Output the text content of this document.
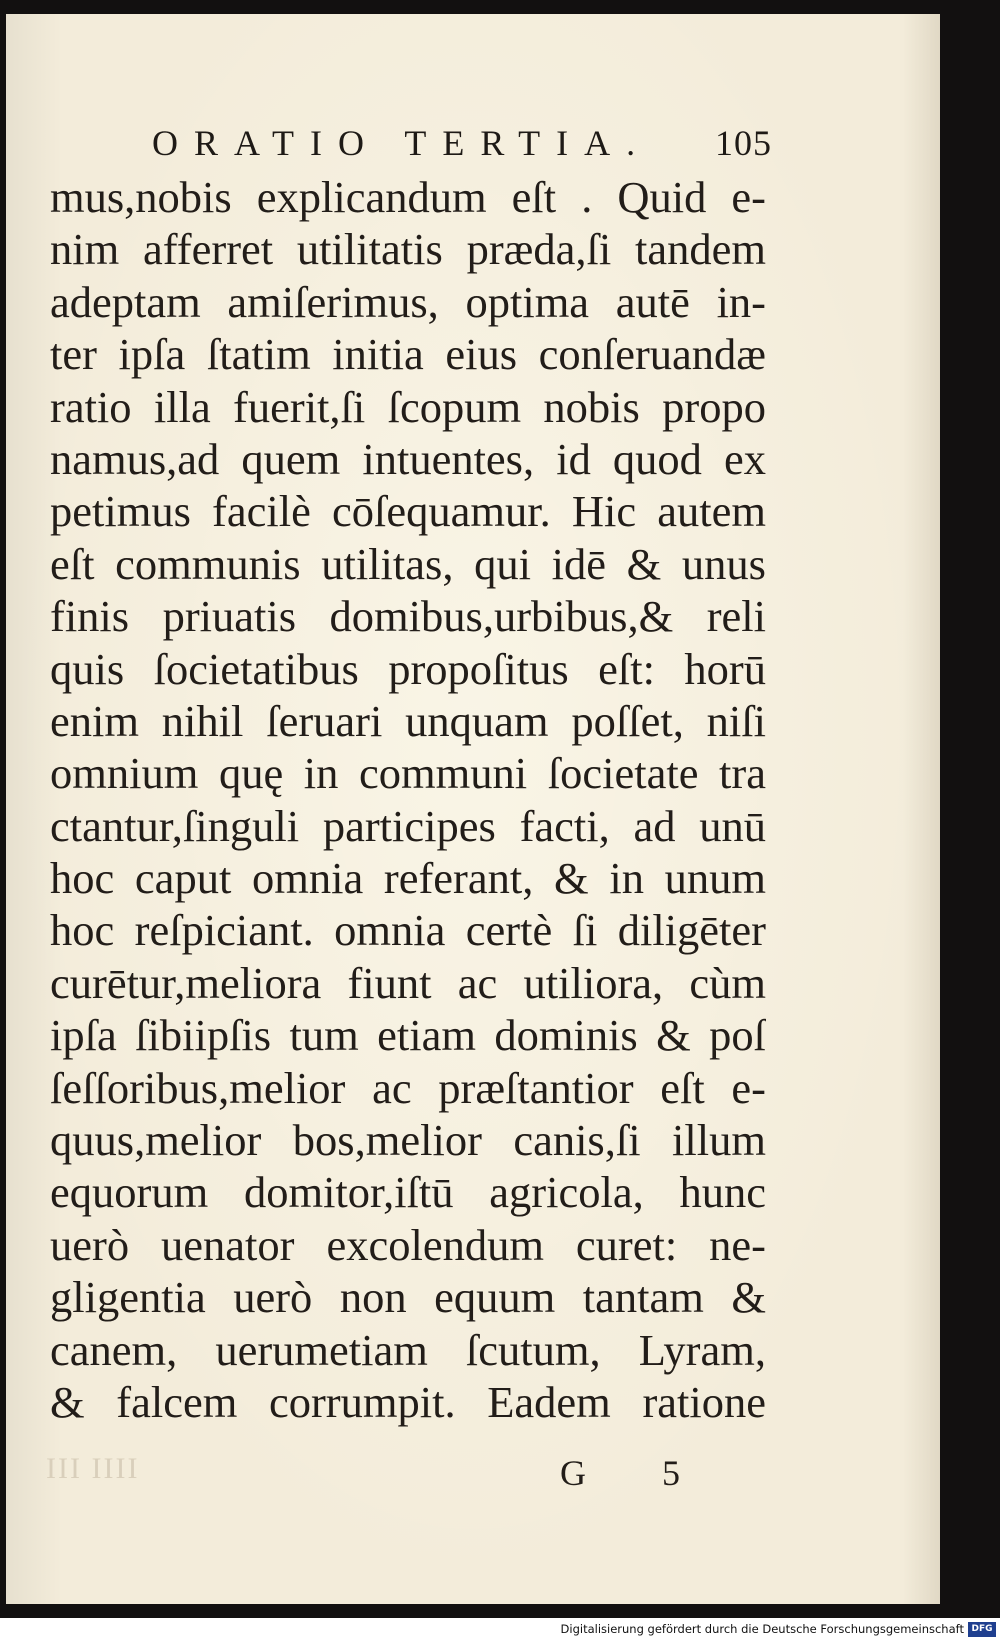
ORATIO TERTIA. 105
mus,nobis explicandum eſt . Quid e-
nim afferret utilitatis præda,ſi tandem
adeptam amiſerimus, optima autē in-
ter ipſa ſtatim initia eius conſeruandæ
ratio illa fuerit,ſi ſcopum nobis propo
namus,ad quem intuentes, id quod ex
petimus facilè cōſequamur. Hic autem
eſt communis utilitas, qui idē & unus
finis priuatis domibus,urbibus,& reli
quis ſocietatibus propoſitus eſt: horū
enim nihil ſeruari unquam poſſet, niſi
omnium quę in communi ſocietate tra
ctantur,ſinguli participes facti, ad unū
hoc caput omnia referant, & in unum
hoc reſpiciant. omnia certè ſi diligēter
curētur,meliora fiunt ac utiliora, cùm
ipſa ſibiipſis tum etiam dominis & poſ
ſeſſoribus,melior ac præſtantior eſt e-
quus,melior bos,melior canis,ſi illum
equorum domitor,iſtū agricola, hunc
uerò uenator excolendum curet: ne-
gligentia uerò non equum tantam &
canem, uerumetiam ſcutum, Lyram,
& falcem corrumpit. Eadem ratione
III IIII	G 5
Digitalisierung gefördert durch die Deutsche Forschungsgemeinschaft DFG
